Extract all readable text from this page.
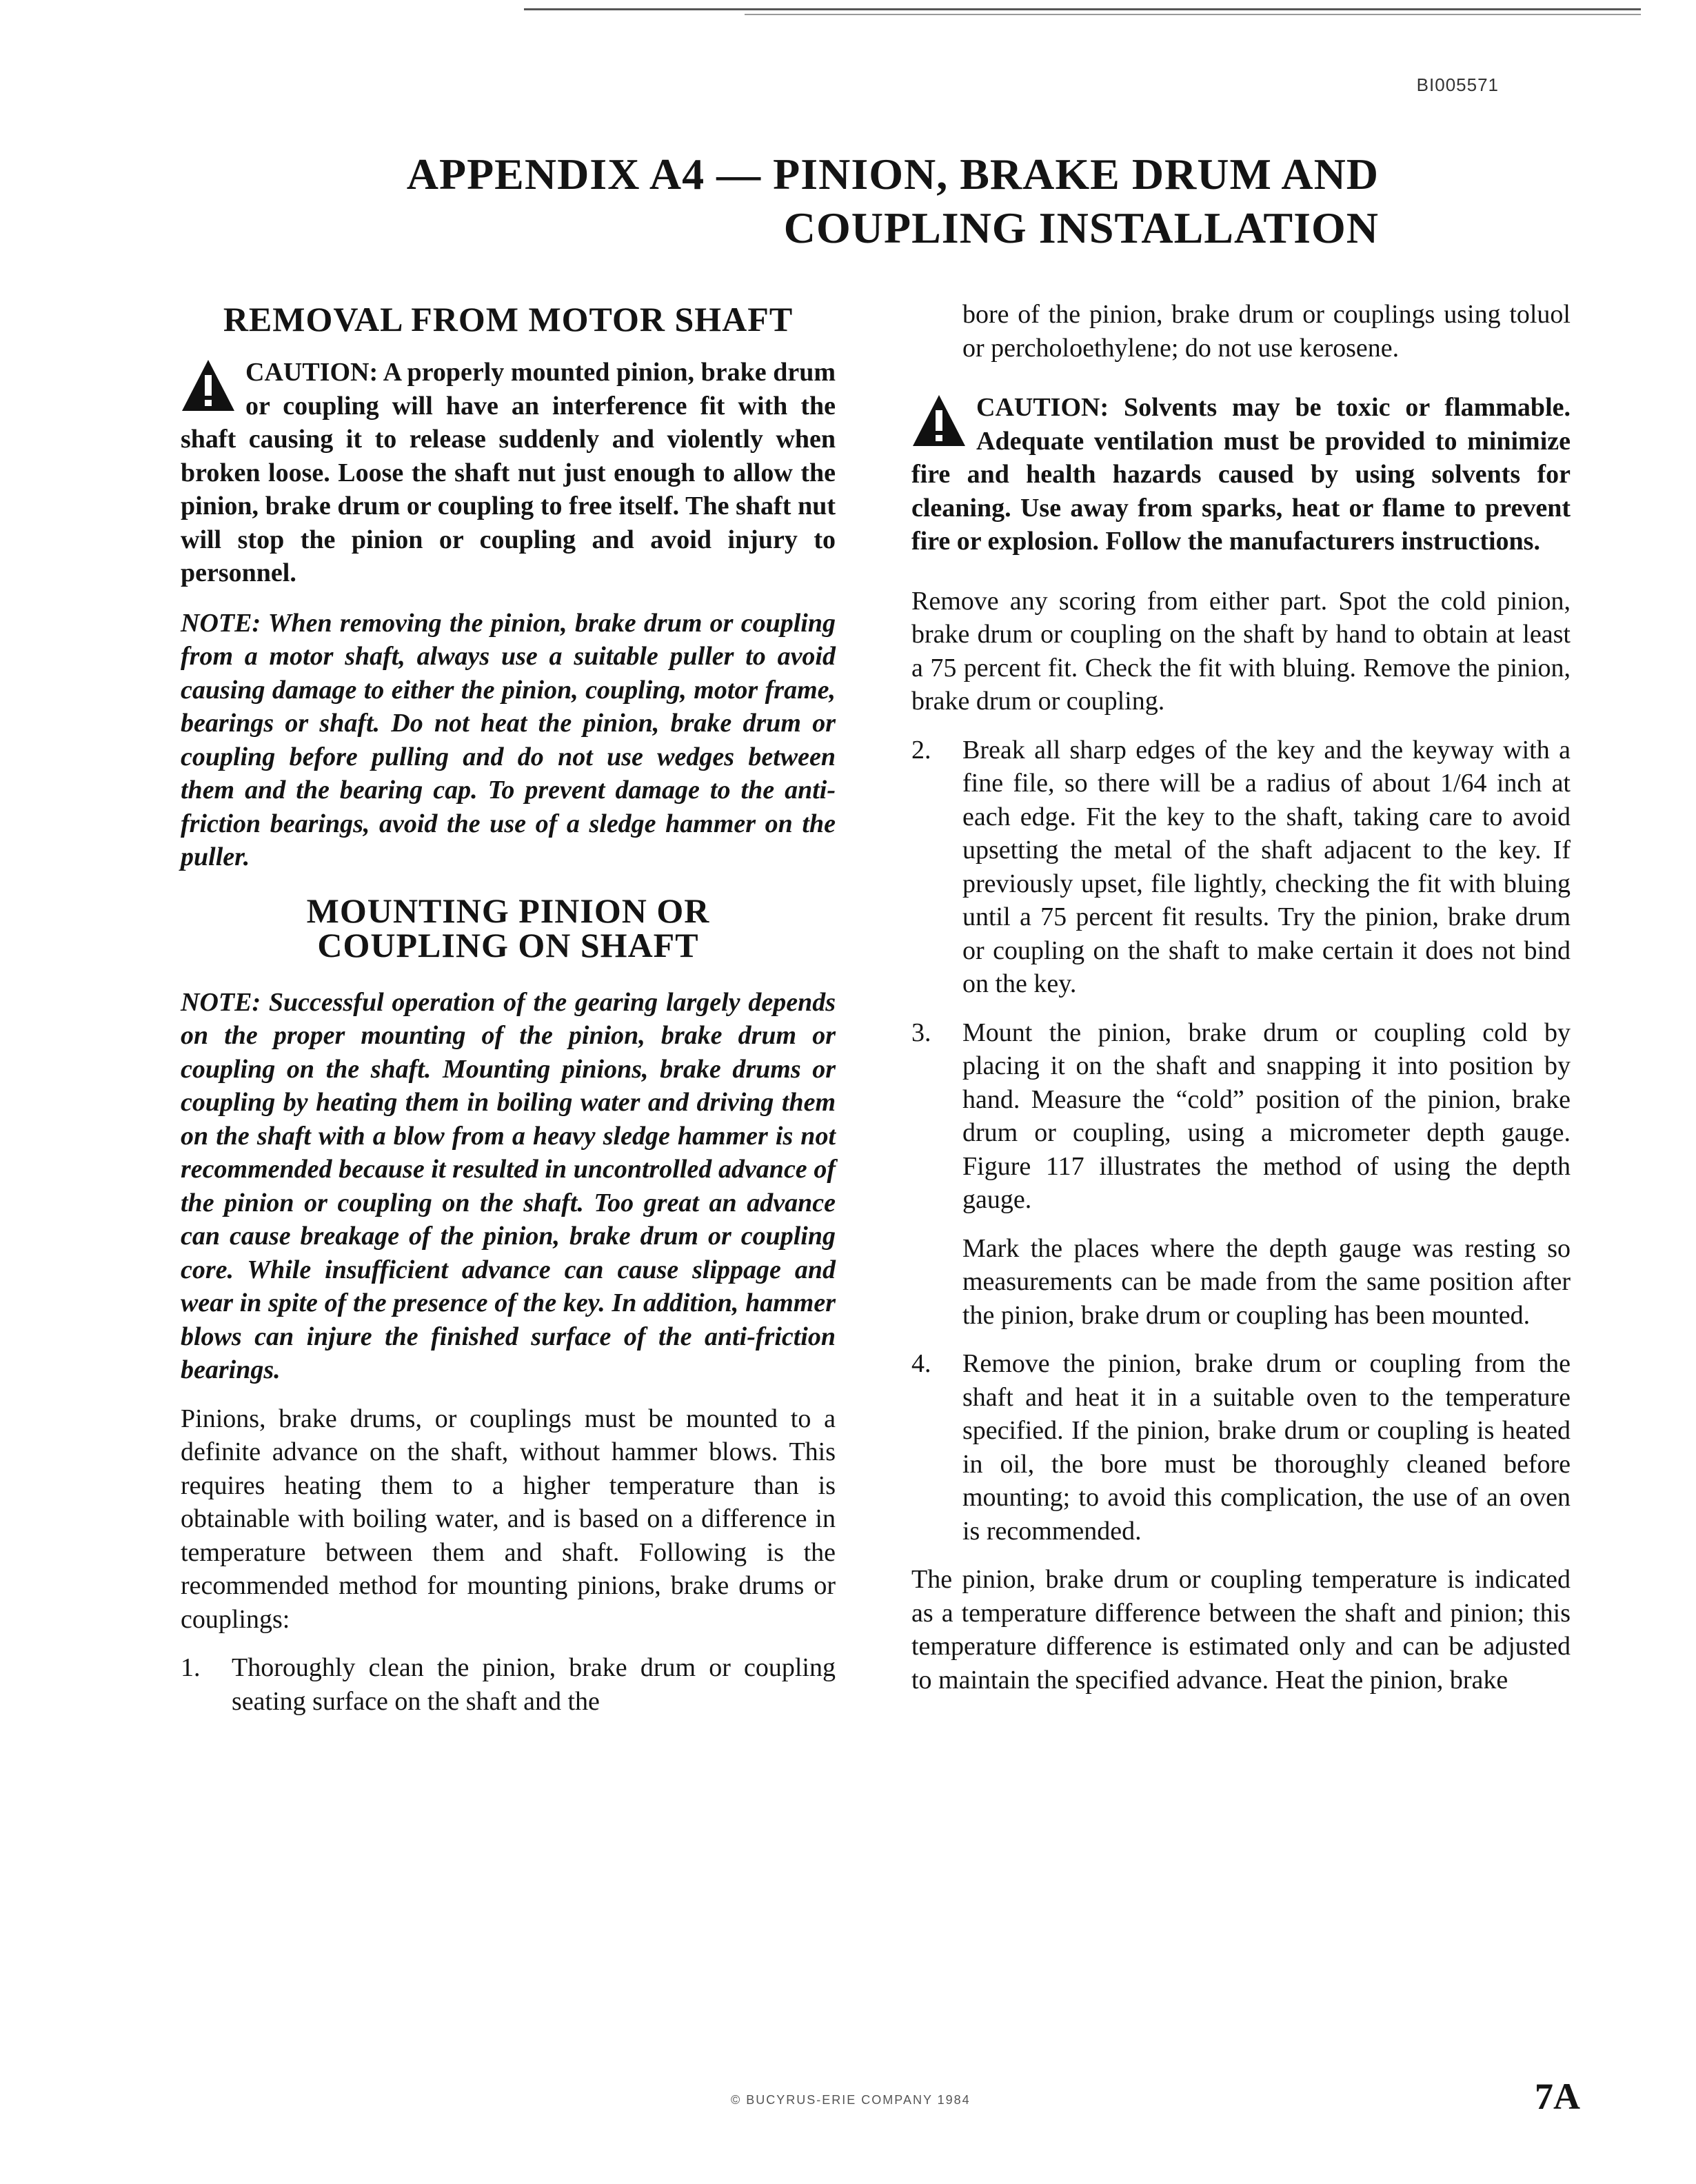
BI005571
APPENDIX A4 — PINION, BRAKE DRUM AND
COUPLING INSTALLATION
REMOVAL FROM MOTOR SHAFT

CAUTION: A properly mounted pinion, brake drum or coupling will have an interference fit with the shaft causing it to release suddenly and violently when broken loose. Loose the shaft nut just enough to allow the pinion, brake drum or coupling to free itself. The shaft nut will stop the pinion or coupling and avoid injury to personnel.

NOTE: When removing the pinion, brake drum or coupling from a motor shaft, always use a suitable puller to avoid causing damage to either the pinion, coupling, motor frame, bearings or shaft. Do not heat the pinion, brake drum or coupling before pulling and do not use wedges between them and the bearing cap. To prevent damage to the anti-friction bearings, avoid the use of a sledge hammer on the puller.

MOUNTING PINION OR
COUPLING ON SHAFT

NOTE: Successful operation of the gearing largely depends on the proper mounting of the pinion, brake drum or coupling on the shaft. Mounting pinions, brake drums or coupling by heating them in boiling water and driving them on the shaft with a blow from a heavy sledge hammer is not recommended because it resulted in uncontrolled advance of the pinion or coupling on the shaft. Too great an advance can cause breakage of the pinion, brake drum or coupling core. While insufficient advance can cause slippage and wear in spite of the presence of the key. In addition, hammer blows can injure the finished surface of the anti-friction bearings.

Pinions, brake drums, or couplings must be mounted to a definite advance on the shaft, without hammer blows. This requires heating them to a higher temperature than is obtainable with boiling water, and is based on a difference in temperature between them and shaft. Following is the recommended method for mounting pinions, brake drums or couplings:

1.	Thoroughly clean the pinion, brake drum or coupling seating surface on the shaft and the

bore of the pinion, brake drum or couplings using toluol or percholoethylene; do not use kerosene.

CAUTION: Solvents may be toxic or flammable. Adequate ventilation must be provided to minimize fire and health hazards caused by using solvents for cleaning. Use away from sparks, heat or flame to prevent fire or explosion. Follow the manufacturers instructions.

Remove any scoring from either part. Spot the cold pinion, brake drum or coupling on the shaft by hand to obtain at least a 75 percent fit. Check the fit with bluing. Remove the pinion, brake drum or coupling.

2.	Break all sharp edges of the key and the keyway with a fine file, so there will be a radius of about 1/64 inch at each edge. Fit the key to the shaft, taking care to avoid upsetting the metal of the shaft adjacent to the key. If previously upset, file lightly, checking the fit with bluing until a 75 percent fit results. Try the pinion, brake drum or coupling on the shaft to make certain it does not bind on the key.

3.	Mount the pinion, brake drum or coupling cold by placing it on the shaft and snapping it into position by hand. Measure the “cold” position of the pinion, brake drum or coupling, using a micrometer depth gauge. Figure 117 illustrates the method of using the depth gauge.

Mark the places where the depth gauge was resting so measurements can be made from the same position after the pinion, brake drum or coupling has been mounted.

4.	Remove the pinion, brake drum or coupling from the shaft and heat it in a suitable oven to the temperature specified. If the pinion, brake drum or coupling is heated in oil, the bore must be thoroughly cleaned before mounting; to avoid this complication, the use of an oven is recommended.

The pinion, brake drum or coupling temperature is indicated as a temperature difference between the shaft and pinion; this temperature difference is estimated only and can be adjusted to maintain the specified advance. Heat the pinion, brake

© BUCYRUS-ERIE COMPANY 1984	7A
